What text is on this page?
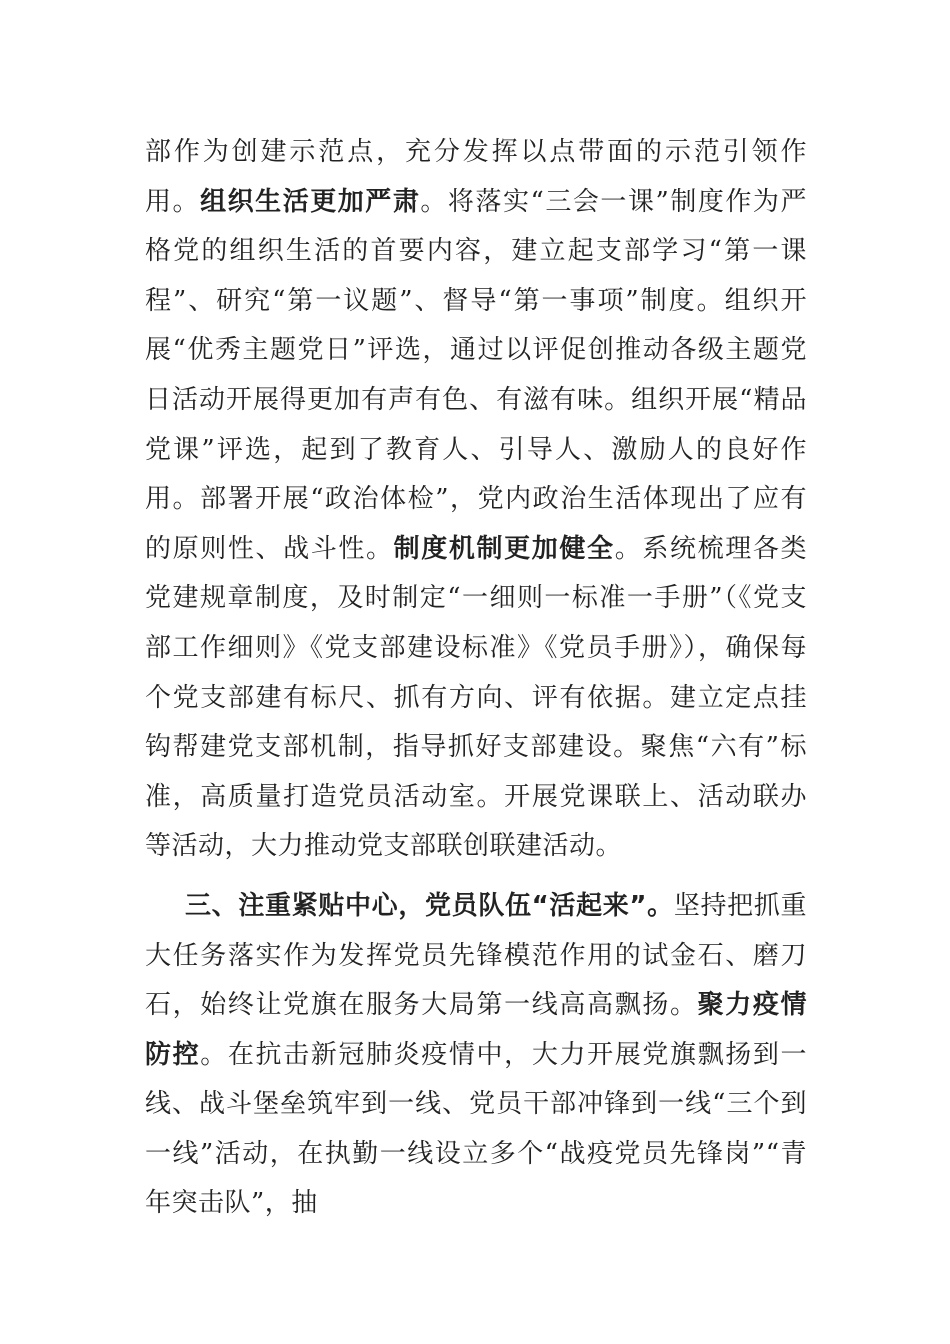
部作为创建示范点，充分发挥以点带面的示范引领作用。组织生活更加严肃。将落实“三会一课”制度作为严格党的组织生活的首要内容，建立起支部学习“第一课程”、研究“第一议题”、督导“第一事项”制度。组织开展“优秀主题党日”评选，通过以评促创推动各级主题党日活动开展得更加有声有色、有滋有味。组织开展“精品党课”评选，起到了教育人、引导人、激励人的良好作用。部署开展“政治体检”，党内政治生活体现出了应有的原则性、战斗性。制度机制更加健全。系统梳理各类党建规章制度，及时制定“一细则一标准一手册”（《党支部工作细则》《党支部建设标准》《党员手册》），确保每个党支部建有标尺、抓有方向、评有依据。建立定点挂钩帮建党支部机制，指导抓好支部建设。聚焦“六有”标准，高质量打造党员活动室。开展党课联上、活动联办等活动，大力推动党支部联创联建活动。

三、注重紧贴中心，党员队伍“活起来”。坚持把抓重大任务落实作为发挥党员先锋模范作用的试金石、磨刀石，始终让党旗在服务大局第一线高高飘扬。聚力疫情防控。在抗击新冠肺炎疫情中，大力开展党旗飘扬到一线、战斗堡垒筑牢到一线、党员干部冲锋到一线“三个到一线”活动，在执勤一线设立多个“战疫党员先锋岗”“青年突击队”，抽
